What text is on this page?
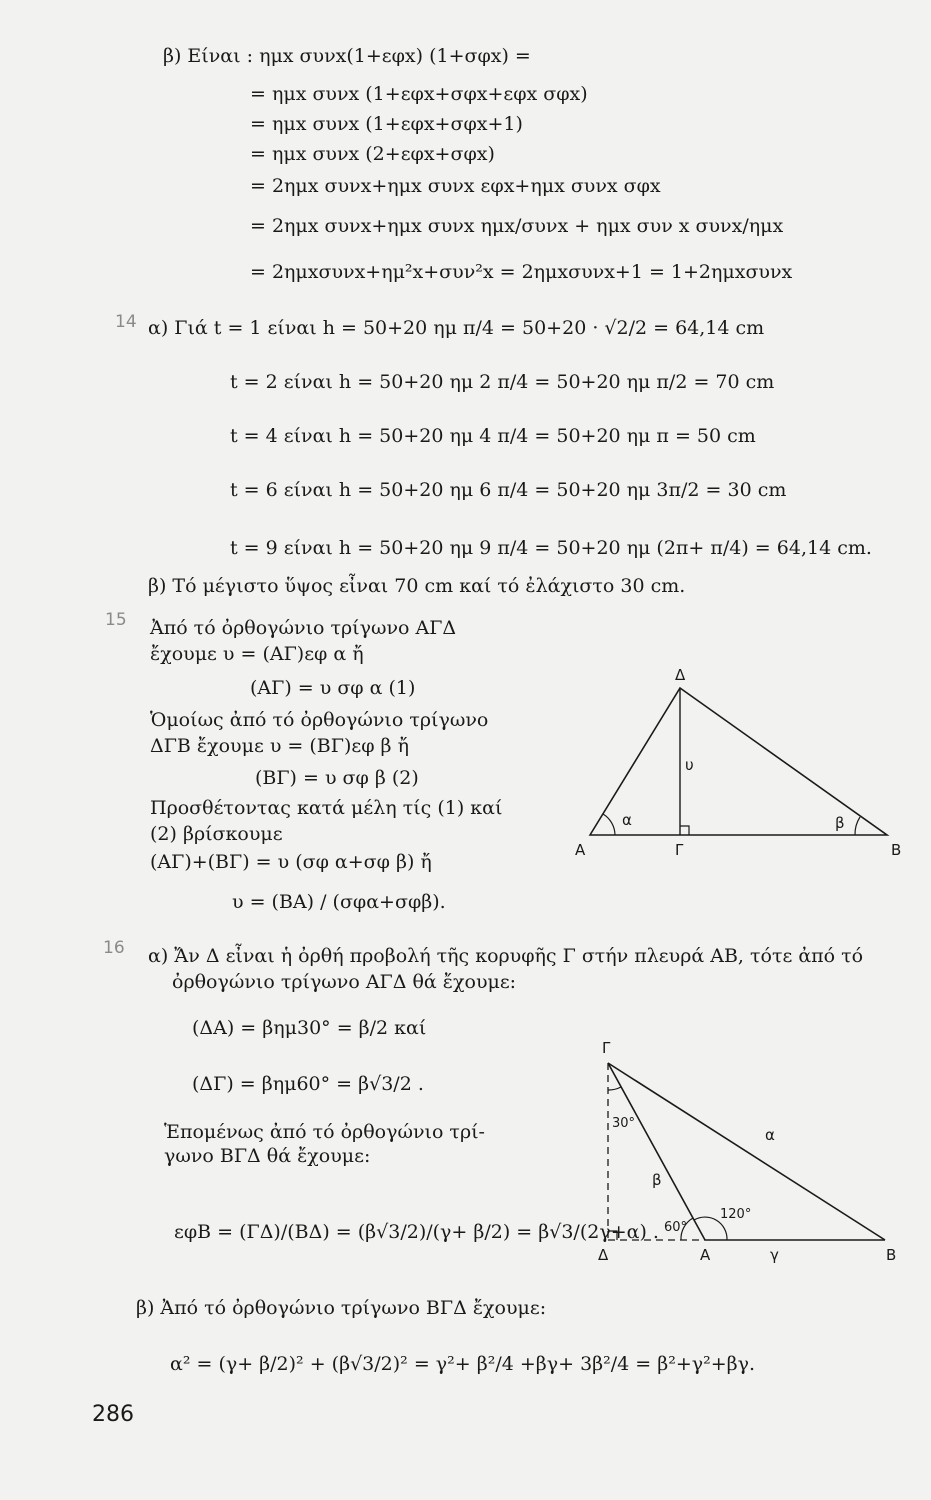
β) Είναι : ημx συνx(1+εφx) (1+σφx) =
= ημx συνx (1+εφx+σφx+εφx σφx)
= ημx συνx (1+εφx+σφx+1)
= ημx συνx (2+εφx+σφx)
= 2ημx συνx+ημx συνx εφx+ημx συνx σφx
= 2ημx συνx+ημx συνx ημx/συνx + ημx συν x συνx/ημx
= 2ημxσυνx+ημ²x+συν²x = 2ημxσυνx+1 = 1+2ημxσυνx
14 α) Γιά t = 1 είναι h = 50+20 ημ π/4 = 50+20 · √2/2 = 64,14 cm
t = 2 είναι h = 50+20 ημ 2 π/4 = 50+20 ημ π/2 = 70 cm
t = 4 είναι h = 50+20 ημ 4 π/4 = 50+20 ημ π = 50 cm
t = 6 είναι h = 50+20 ημ 6 π/4 = 50+20 ημ 3π/2 = 30 cm
t = 9 είναι h = 50+20 ημ 9 π/4 = 50+20 ημ (2π+ π/4) = 64,14 cm.
β) Τό μέγιστο ὕψος εἶναι 70 cm καί τό ἐλάχιστο 30 cm.
15 Ἀπό τό ὀρθογώνιο τρίγωνο ΑΓΔ
ἔχουμε υ = (ΑΓ)εφ α ἤ
(ΑΓ) = υ σφ α (1)
Ὁμοίως ἀπό τό ὀρθογώνιο τρίγωνο
ΔΓΒ ἔχουμε υ = (ΒΓ)εφ β ἤ
(ΒΓ) = υ σφ β (2)
Προσθέτοντας κατά μέλη τίς (1) καί
(2) βρίσκουμε
(ΑΓ)+(ΒΓ) = υ (σφ α+σφ β) ἤ
υ = (ΒΑ) / (σφα+σφβ).
Δ
Α	Γ	Β
υ
α	β
16 α) Ἄν Δ εἶναι ἡ ὀρθή προβολή τῆς κορυφῆς Γ στήν πλευρά ΑΒ, τότε ἀπό τό
ὀρθογώνιο τρίγωνο ΑΓΔ θά ἔχουμε:
(ΔΑ) = βημ30° = β/2 καί
(ΔΓ) = βημ60° = β√3/2 .
Ἑπομένως ἀπό τό ὀρθογώνιο τρί-
γωνο ΒΓΔ θά ἔχουμε:
εφΒ = (ΓΔ)/(ΒΔ) = (β√3/2)/(γ+ β/2) = β√3/(2γ+α) .
β) Ἀπό τό ὀρθογώνιο τρίγωνο ΒΓΔ ἔχουμε:
α² = (γ+ β/2)² + (β√3/2)² = γ²+ β²/4 +βγ+ 3β²/4 = β²+γ²+βγ.
Γ
Δ	Α	Β
γ
β
α
30°
60°
120°
286
